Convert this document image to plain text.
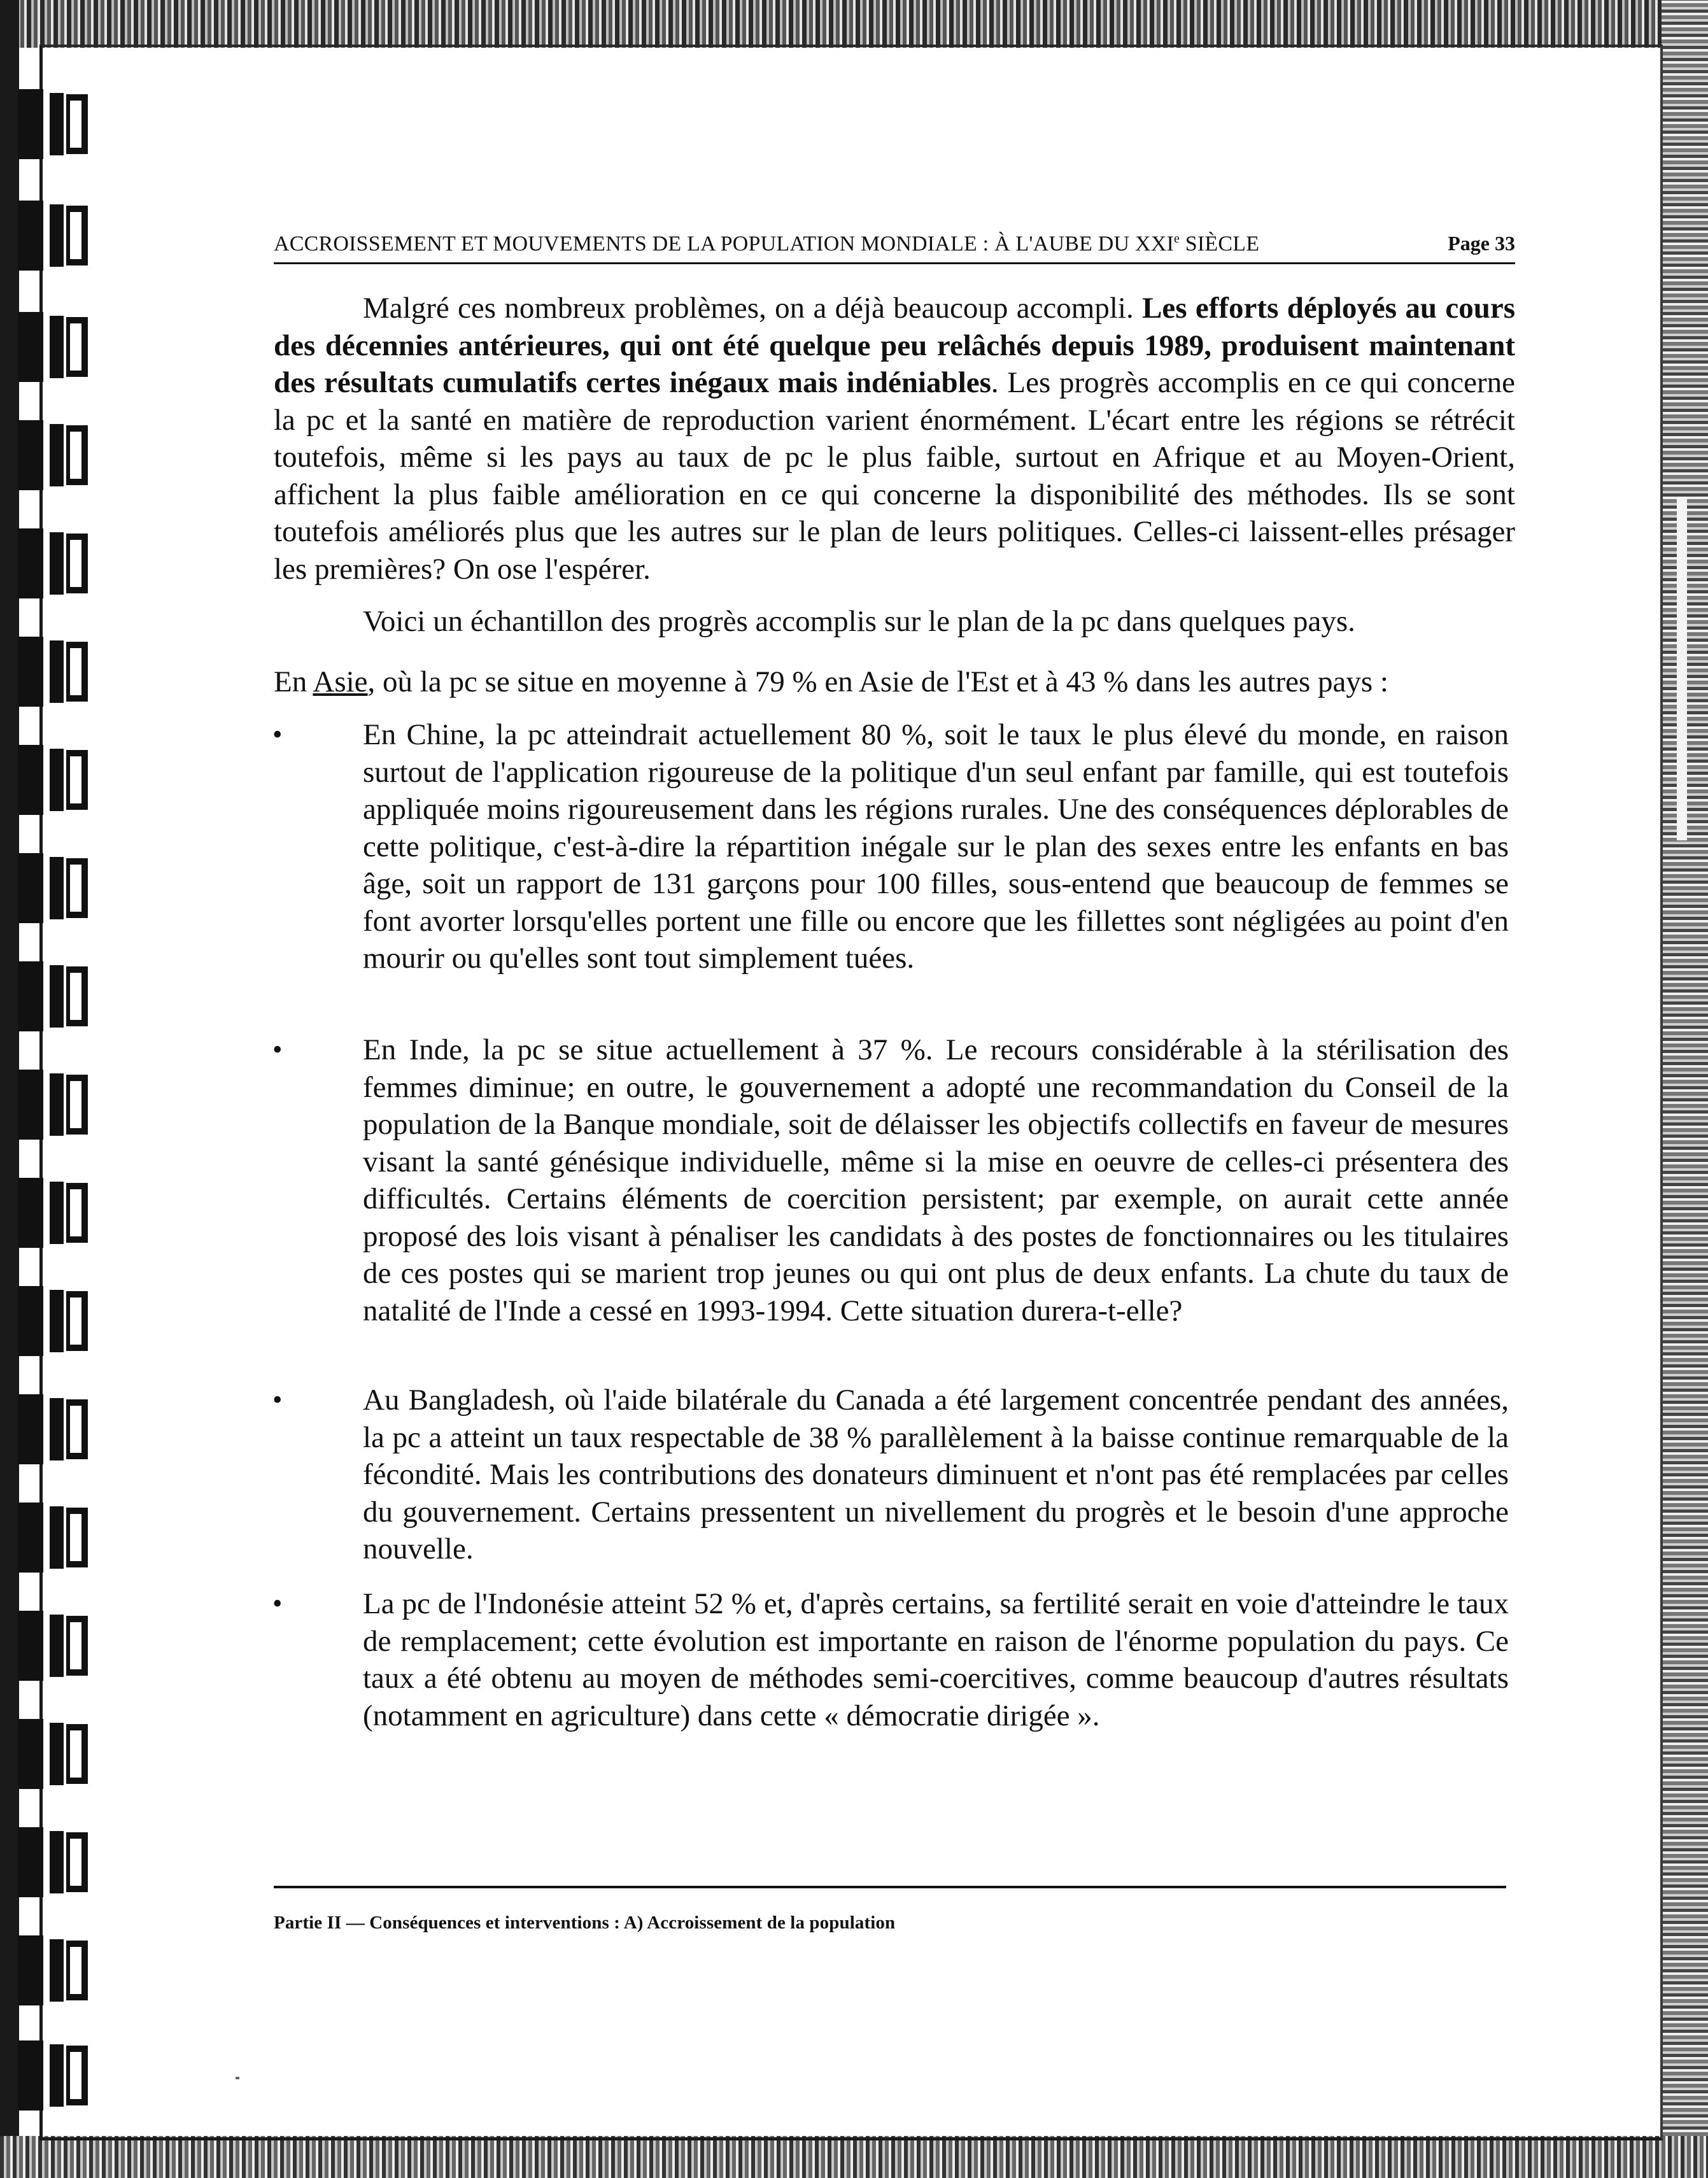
ACCROISSEMENT ET MOUVEMENTS DE LA POPULATION MONDIALE : À L'AUBE DU XXIe SIÈCLE	Page 33

Malgré ces nombreux problèmes, on a déjà beaucoup accompli. Les efforts déployés au cours des décennies antérieures, qui ont été quelque peu relâchés depuis 1989, produisent maintenant des résultats cumulatifs certes inégaux mais indéniables. Les progrès accomplis en ce qui concerne la pc et la santé en matière de reproduction varient énormément. L'écart entre les régions se rétrécit toutefois, même si les pays au taux de pc le plus faible, surtout en Afrique et au Moyen-Orient, affichent la plus faible amélioration en ce qui concerne la disponibilité des méthodes. Ils se sont toutefois améliorés plus que les autres sur le plan de leurs politiques. Celles-ci laissent-elles présager les premières? On ose l'espérer.

Voici un échantillon des progrès accomplis sur le plan de la pc dans quelques pays.

En Asie, où la pc se situe en moyenne à 79 % en Asie de l'Est et à 43 % dans les autres pays :

•	En Chine, la pc atteindrait actuellement 80 %, soit le taux le plus élevé du monde, en raison surtout de l'application rigoureuse de la politique d'un seul enfant par famille, qui est toutefois appliquée moins rigoureusement dans les régions rurales. Une des conséquences déplorables de cette politique, c'est-à-dire la répartition inégale sur le plan des sexes entre les enfants en bas âge, soit un rapport de 131 garçons pour 100 filles, sous-entend que beaucoup de femmes se font avorter lorsqu'elles portent une fille ou encore que les fillettes sont négligées au point d'en mourir ou qu'elles sont tout simplement tuées.

•	En Inde, la pc se situe actuellement à 37 %. Le recours considérable à la stérilisation des femmes diminue; en outre, le gouvernement a adopté une recommandation du Conseil de la population de la Banque mondiale, soit de délaisser les objectifs collectifs en faveur de mesures visant la santé génésique individuelle, même si la mise en oeuvre de celles-ci présentera des difficultés. Certains éléments de coercition persistent; par exemple, on aurait cette année proposé des lois visant à pénaliser les candidats à des postes de fonctionnaires ou les titulaires de ces postes qui se marient trop jeunes ou qui ont plus de deux enfants. La chute du taux de natalité de l'Inde a cessé en 1993-1994. Cette situation durera-t-elle?

•	Au Bangladesh, où l'aide bilatérale du Canada a été largement concentrée pendant des années, la pc a atteint un taux respectable de 38 % parallèlement à la baisse continue remarquable de la fécondité. Mais les contributions des donateurs diminuent et n'ont pas été remplacées par celles du gouvernement. Certains pressentent un nivellement du progrès et le besoin d'une approche nouvelle.

•	La pc de l'Indonésie atteint 52 % et, d'après certains, sa fertilité serait en voie d'atteindre le taux de remplacement; cette évolution est importante en raison de l'énorme population du pays. Ce taux a été obtenu au moyen de méthodes semi-coercitives, comme beaucoup d'autres résultats (notamment en agriculture) dans cette « démocratie dirigée ».

Partie II — Conséquences et interventions : A) Accroissement de la population
